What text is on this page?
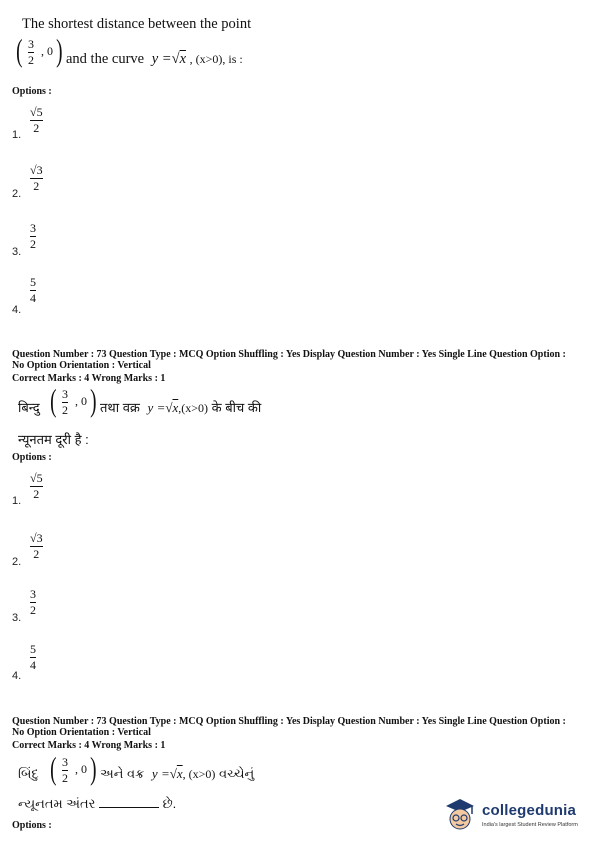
The shortest distance between the point
( 3
2
, 0 ) and the curve y =√x , (x>0), is :
Options :
1.
√5
2
2.
√3
2
3.
3
2
4.
5
4
Question Number : 73 Question Type : MCQ Option Shuffling : Yes Display Question Number : Yes Single Line Question Option :
No Option Orientation : Vertical
Correct Marks : 4 Wrong Marks : 1
बिन्दु ( 3
2
, 0 ) तथा वक्र y =√x,(x>0) के बीच की
न्यूनतम दूरी है :
Options :
1.
√5
2
2.
√3
2
3.
3
2
4.
5
4
Question Number : 73 Question Type : MCQ Option Shuffling : Yes Display Question Number : Yes Single Line Question Option :
No Option Orientation : Vertical
Correct Marks : 4 Wrong Marks : 1
બિંદુ ( 3
2
, 0 ) અને વક્ર y =√x, (x>0) વચ્ચેનું
ન્યૂનતમ અંતર	છે.
Options :
collegedunia
India's largest Student Review Platform
